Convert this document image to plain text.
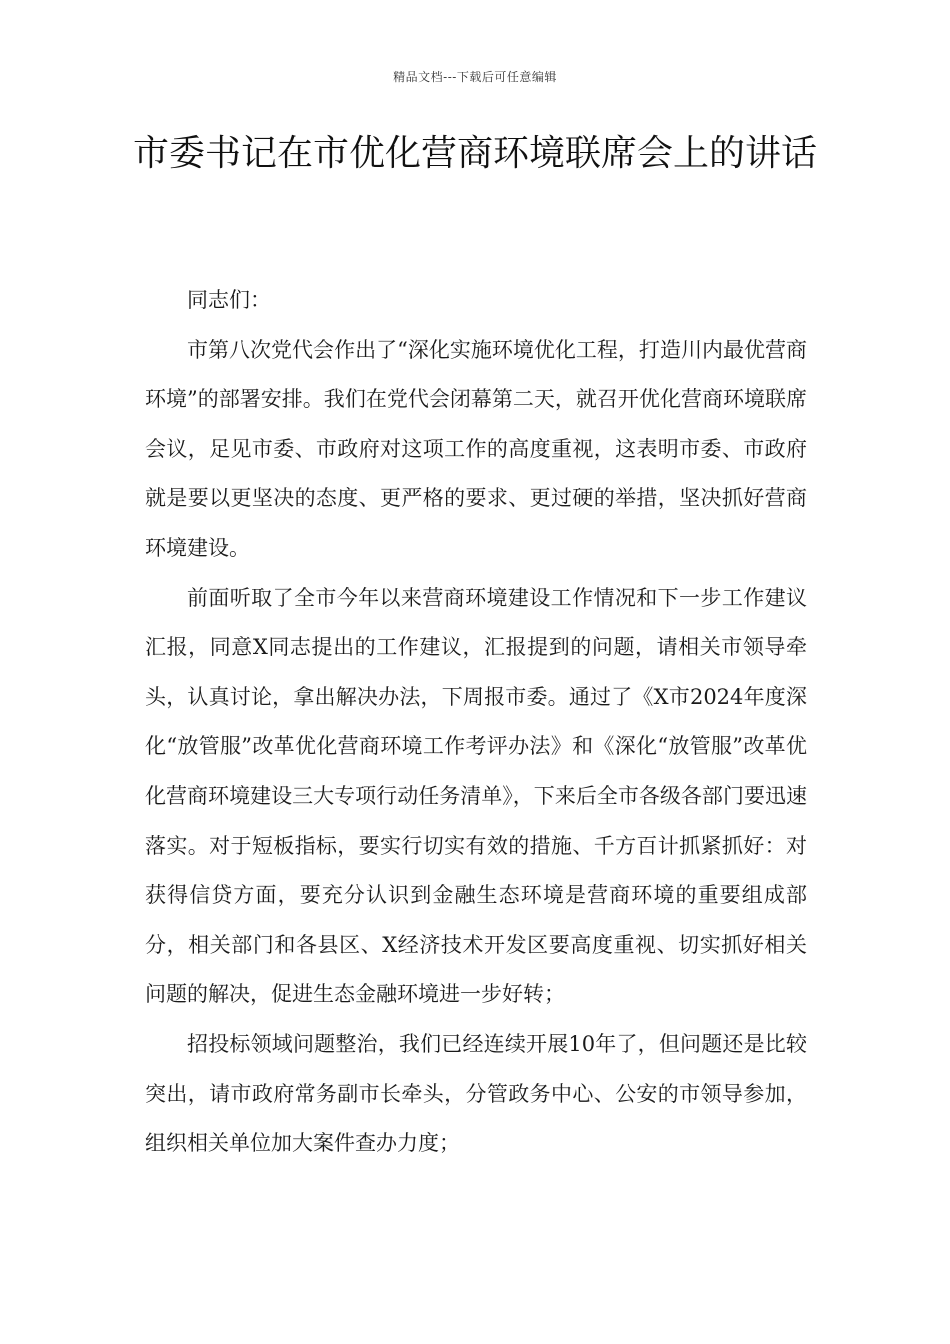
精品文档---下载后可任意编辑
市委书记在市优化营商环境联席会上的讲话

同志们：

市第八次党代会作出了“深化实施环境优化工程，打造川内最优营商环境”的部署安排。我们在党代会闭幕第二天，就召开优化营商环境联席会议，足见市委、市政府对这项工作的高度重视，这表明市委、市政府就是要以更坚决的态度、更严格的要求、更过硬的举措，坚决抓好营商环境建设。

前面听取了全市今年以来营商环境建设工作情况和下一步工作建议汇报，同意X同志提出的工作建议，汇报提到的问题，请相关市领导牵头，认真讨论，拿出解决办法，下周报市委。通过了《X市2024年度深化“放管服”改革优化营商环境工作考评办法》和《深化“放管服”改革优化营商环境建设三大专项行动任务清单》，下来后全市各级各部门要迅速落实。对于短板指标，要实行切实有效的措施、千方百计抓紧抓好：对获得信贷方面，要充分认识到金融生态环境是营商环境的重要组成部分，相关部门和各县区、X经济技术开发区要高度重视、切实抓好相关问题的解决，促进生态金融环境进一步好转；

招投标领域问题整治，我们已经连续开展10年了，但问题还是比较突出，请市政府常务副市长牵头，分管政务中心、公安的市领导参加，组织相关单位加大案件查办力度；
